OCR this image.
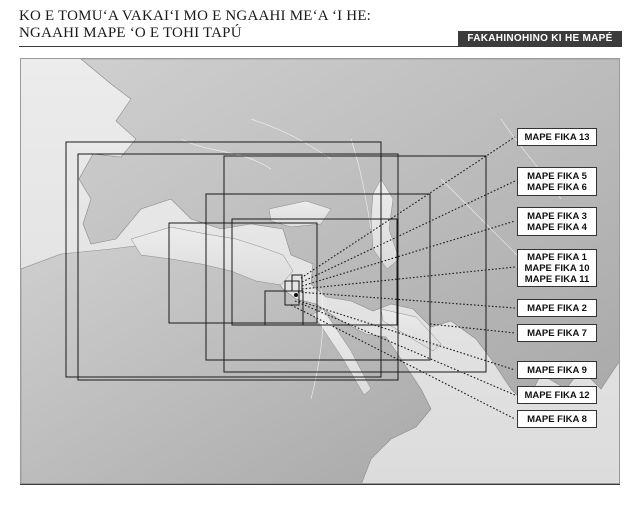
KO E TOMUʻA VAKAIʻI MO E NGAAHI MEʻA ʻI HE:
NGAAHI MAPE ʻO E TOHI TAPÚ	FAKAHINOHINO KI HE MAPÉ
MAPE FIKA 13
MAPE FIKA 5
MAPE FIKA 6
MAPE FIKA 3
MAPE FIKA 4
MAPE FIKA 1
MAPE FIKA 10
MAPE FIKA 11
MAPE FIKA 2
MAPE FIKA 7
MAPE FIKA 9
MAPE FIKA 12
MAPE FIKA 8
